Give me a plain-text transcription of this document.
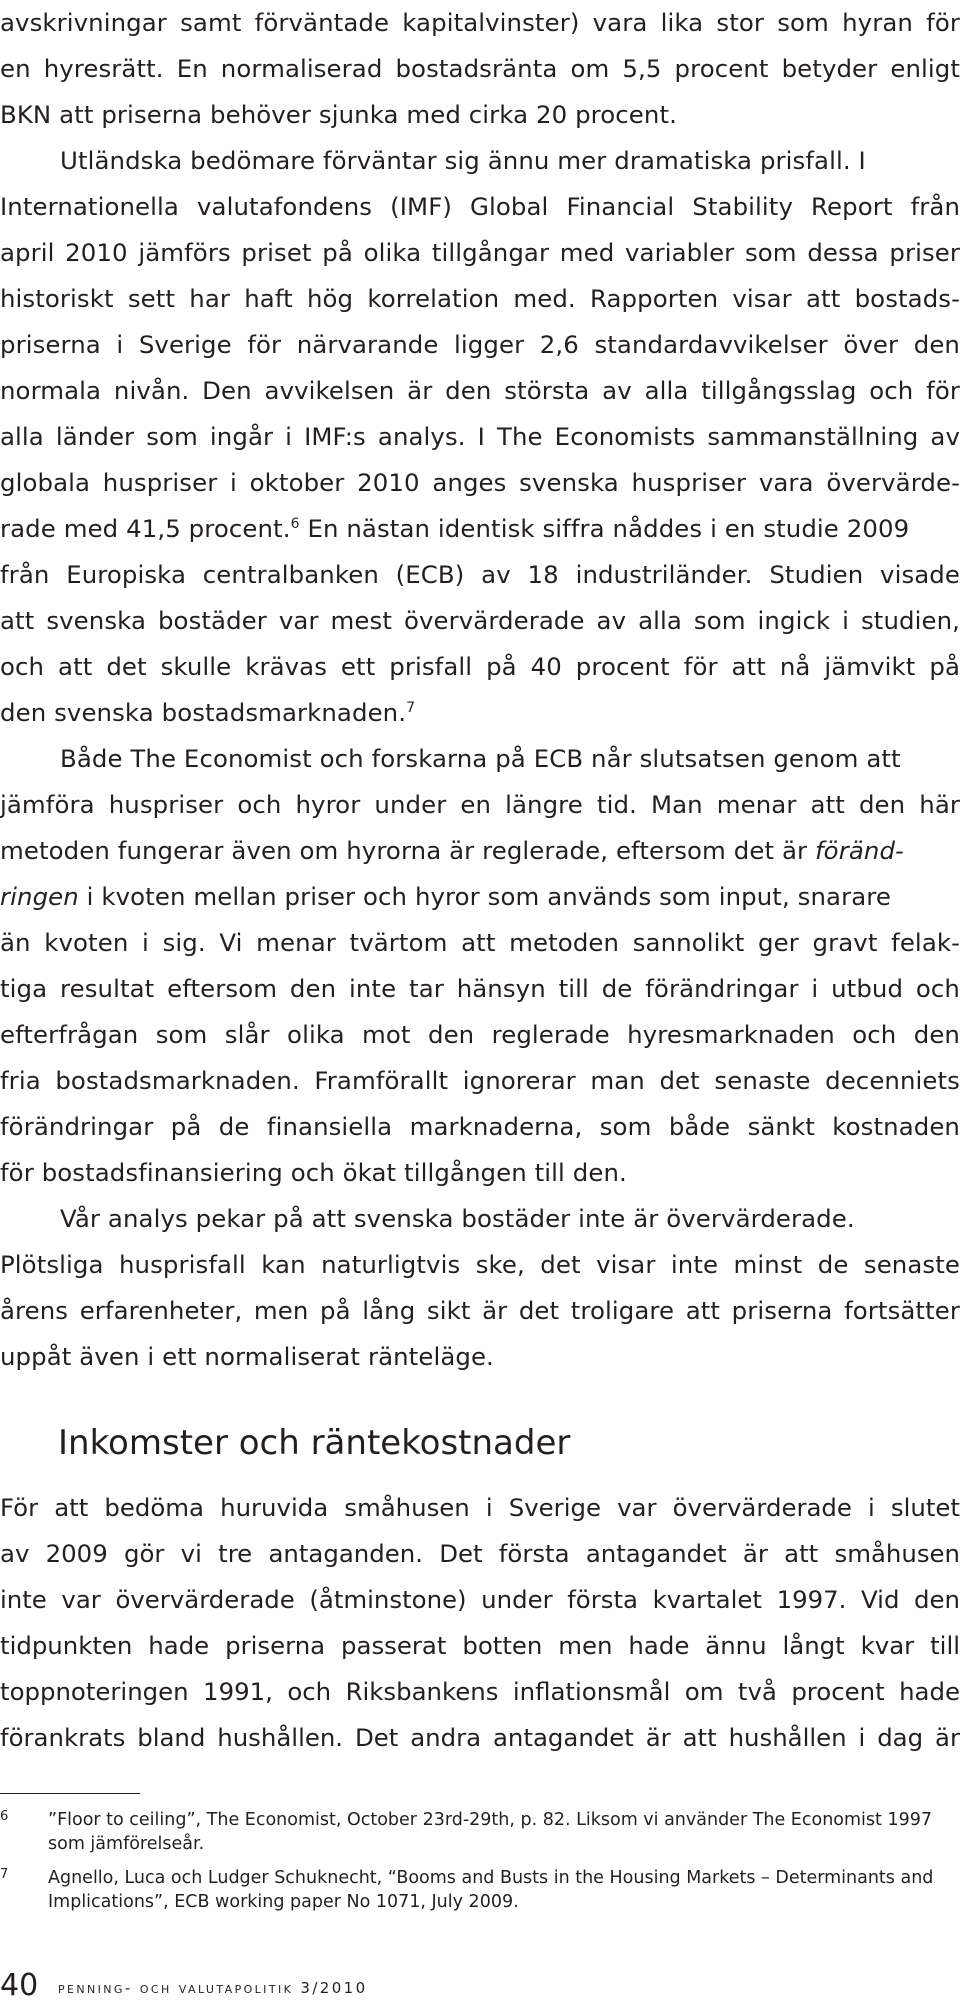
avskrivningar samt förväntade kapitalvinster) vara lika stor som hyran för
en hyresrätt. En normaliserad bostadsränta om 5,5 procent betyder enligt
BKN att priserna behöver sjunka med cirka 20 procent.
Utländska bedömare förväntar sig ännu mer dramatiska prisfall. I
Internationella valutafondens (IMF) Global Financial Stability Report från
april 2010 jämförs priset på olika tillgångar med variabler som dessa priser
historiskt sett har haft hög korrelation med. Rapporten visar att bostads-
priserna i Sverige för närvarande ligger 2,6 standardavvikelser över den
normala nivån. Den avvikelsen är den största av alla tillgångsslag och för
alla länder som ingår i IMF:s analys. I The Economists sammanställning av
globala huspriser i oktober 2010 anges svenska huspriser vara övervärde-
rade med 41,5 procent.$^6$ En nästan identisk siffra nåddes i en studie 2009
från Europiska centralbanken (ECB) av 18 industriländer. Studien visade
att svenska bostäder var mest övervärderade av alla som ingick i studien,
och att det skulle krävas ett prisfall på 40 procent för att nå jämvikt på
den svenska bostadsmarknaden.$^7$
Både The Economist och forskarna på ECB når slutsatsen genom att
jämföra huspriser och hyror under en längre tid. Man menar att den här
metoden fungerar även om hyrorna är reglerade, eftersom det är föränd-
ringen i kvoten mellan priser och hyror som används som input, snarare
än kvoten i sig. Vi menar tvärtom att metoden sannolikt ger gravt felak-
tiga resultat eftersom den inte tar hänsyn till de förändringar i utbud och
efterfrågan som slår olika mot den reglerade hyresmarknaden och den
fria bostadsmarknaden. Framförallt ignorerar man det senaste decenniets
förändringar på de finansiella marknaderna, som både sänkt kostnaden
för bostadsfinansiering och ökat tillgången till den.
Vår analys pekar på att svenska bostäder inte är övervärderade.
Plötsliga husprisfall kan naturligtvis ske, det visar inte minst de senaste
årens erfarenheter, men på lång sikt är det troligare att priserna fortsätter
uppåt även i ett normaliserat ränteläge.
Inkomster och räntekostnader
För att bedöma huruvida småhusen i Sverige var övervärderade i slutet
av 2009 gör vi tre antaganden. Det första antagandet är att småhusen
inte var övervärderade (åtminstone) under första kvartalet 1997. Vid den
tidpunkten hade priserna passerat botten men hade ännu långt kvar till
toppnoteringen 1991, och Riksbankens inflationsmål om två procent hade
förankrats bland hushållen. Det andra antagandet är att hushållen i dag är
6 ”Floor to ceiling”, The Economist, October 23rd-29th, p. 82. Liksom vi använder The Economist 1997
som jämförelseår.
7 Agnello, Luca och Ludger Schuknecht, “Booms and Busts in the Housing Markets – Determinants and
Implications”, ECB working paper No 1071, July 2009.
40 penning- och valutapolitik 3/2010
